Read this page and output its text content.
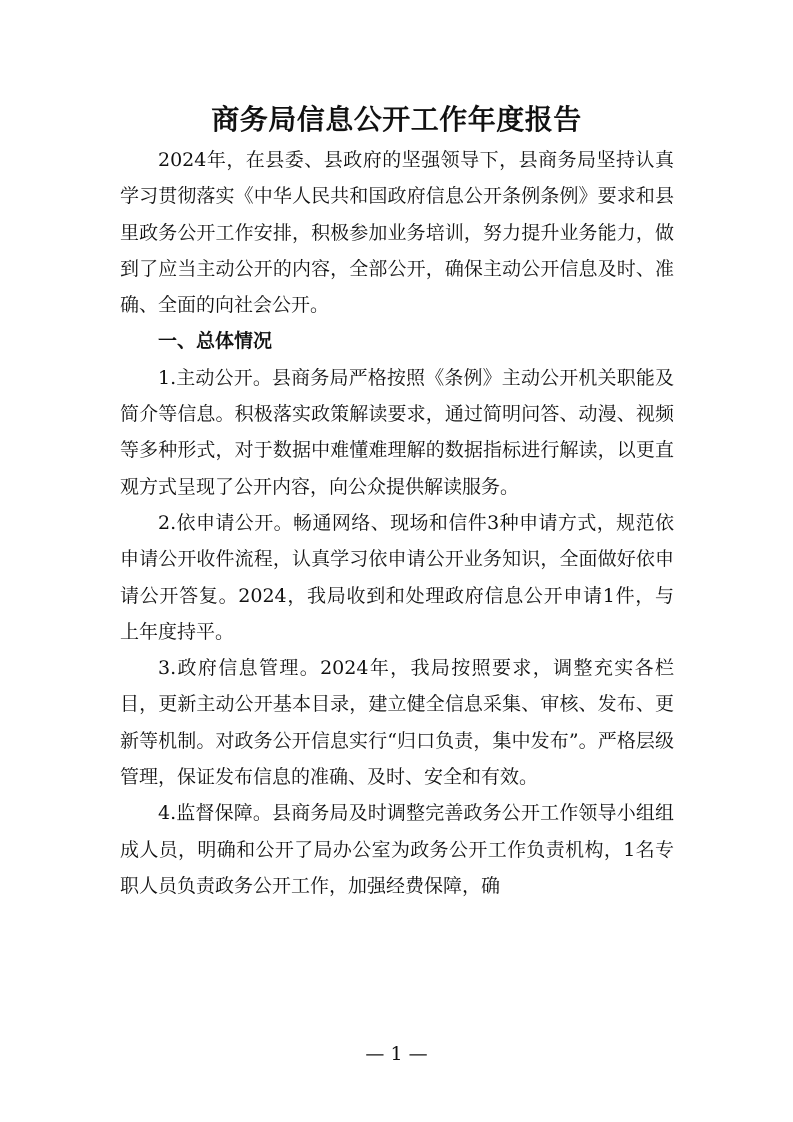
商务局信息公开工作年度报告

2024年，在县委、县政府的坚强领导下，县商务局坚持认真学习贯彻落实《中华人民共和国政府信息公开条例条例》要求和县里政务公开工作安排，积极参加业务培训，努力提升业务能力，做到了应当主动公开的内容，全部公开，确保主动公开信息及时、准确、全面的向社会公开。

一、总体情况

1.主动公开。县商务局严格按照《条例》主动公开机关职能及简介等信息。积极落实政策解读要求，通过简明问答、动漫、视频等多种形式，对于数据中难懂难理解的数据指标进行解读，以更直观方式呈现了公开内容，向公众提供解读服务。

2.依申请公开。畅通网络、现场和信件3种申请方式，规范依申请公开收件流程，认真学习依申请公开业务知识，全面做好依申请公开答复。2024，我局收到和处理政府信息公开申请1件，与上年度持平。

3.政府信息管理。2024年，我局按照要求，调整充实各栏目，更新主动公开基本目录，建立健全信息采集、审核、发布、更新等机制。对政务公开信息实行“归口负责，集中发布”。严格层级管理，保证发布信息的准确、及时、安全和有效。

4.监督保障。县商务局及时调整完善政务公开工作领导小组组成人员，明确和公开了局办公室为政务公开工作负责机构，1名专职人员负责政务公开工作，加强经费保障，确

— 1 —
